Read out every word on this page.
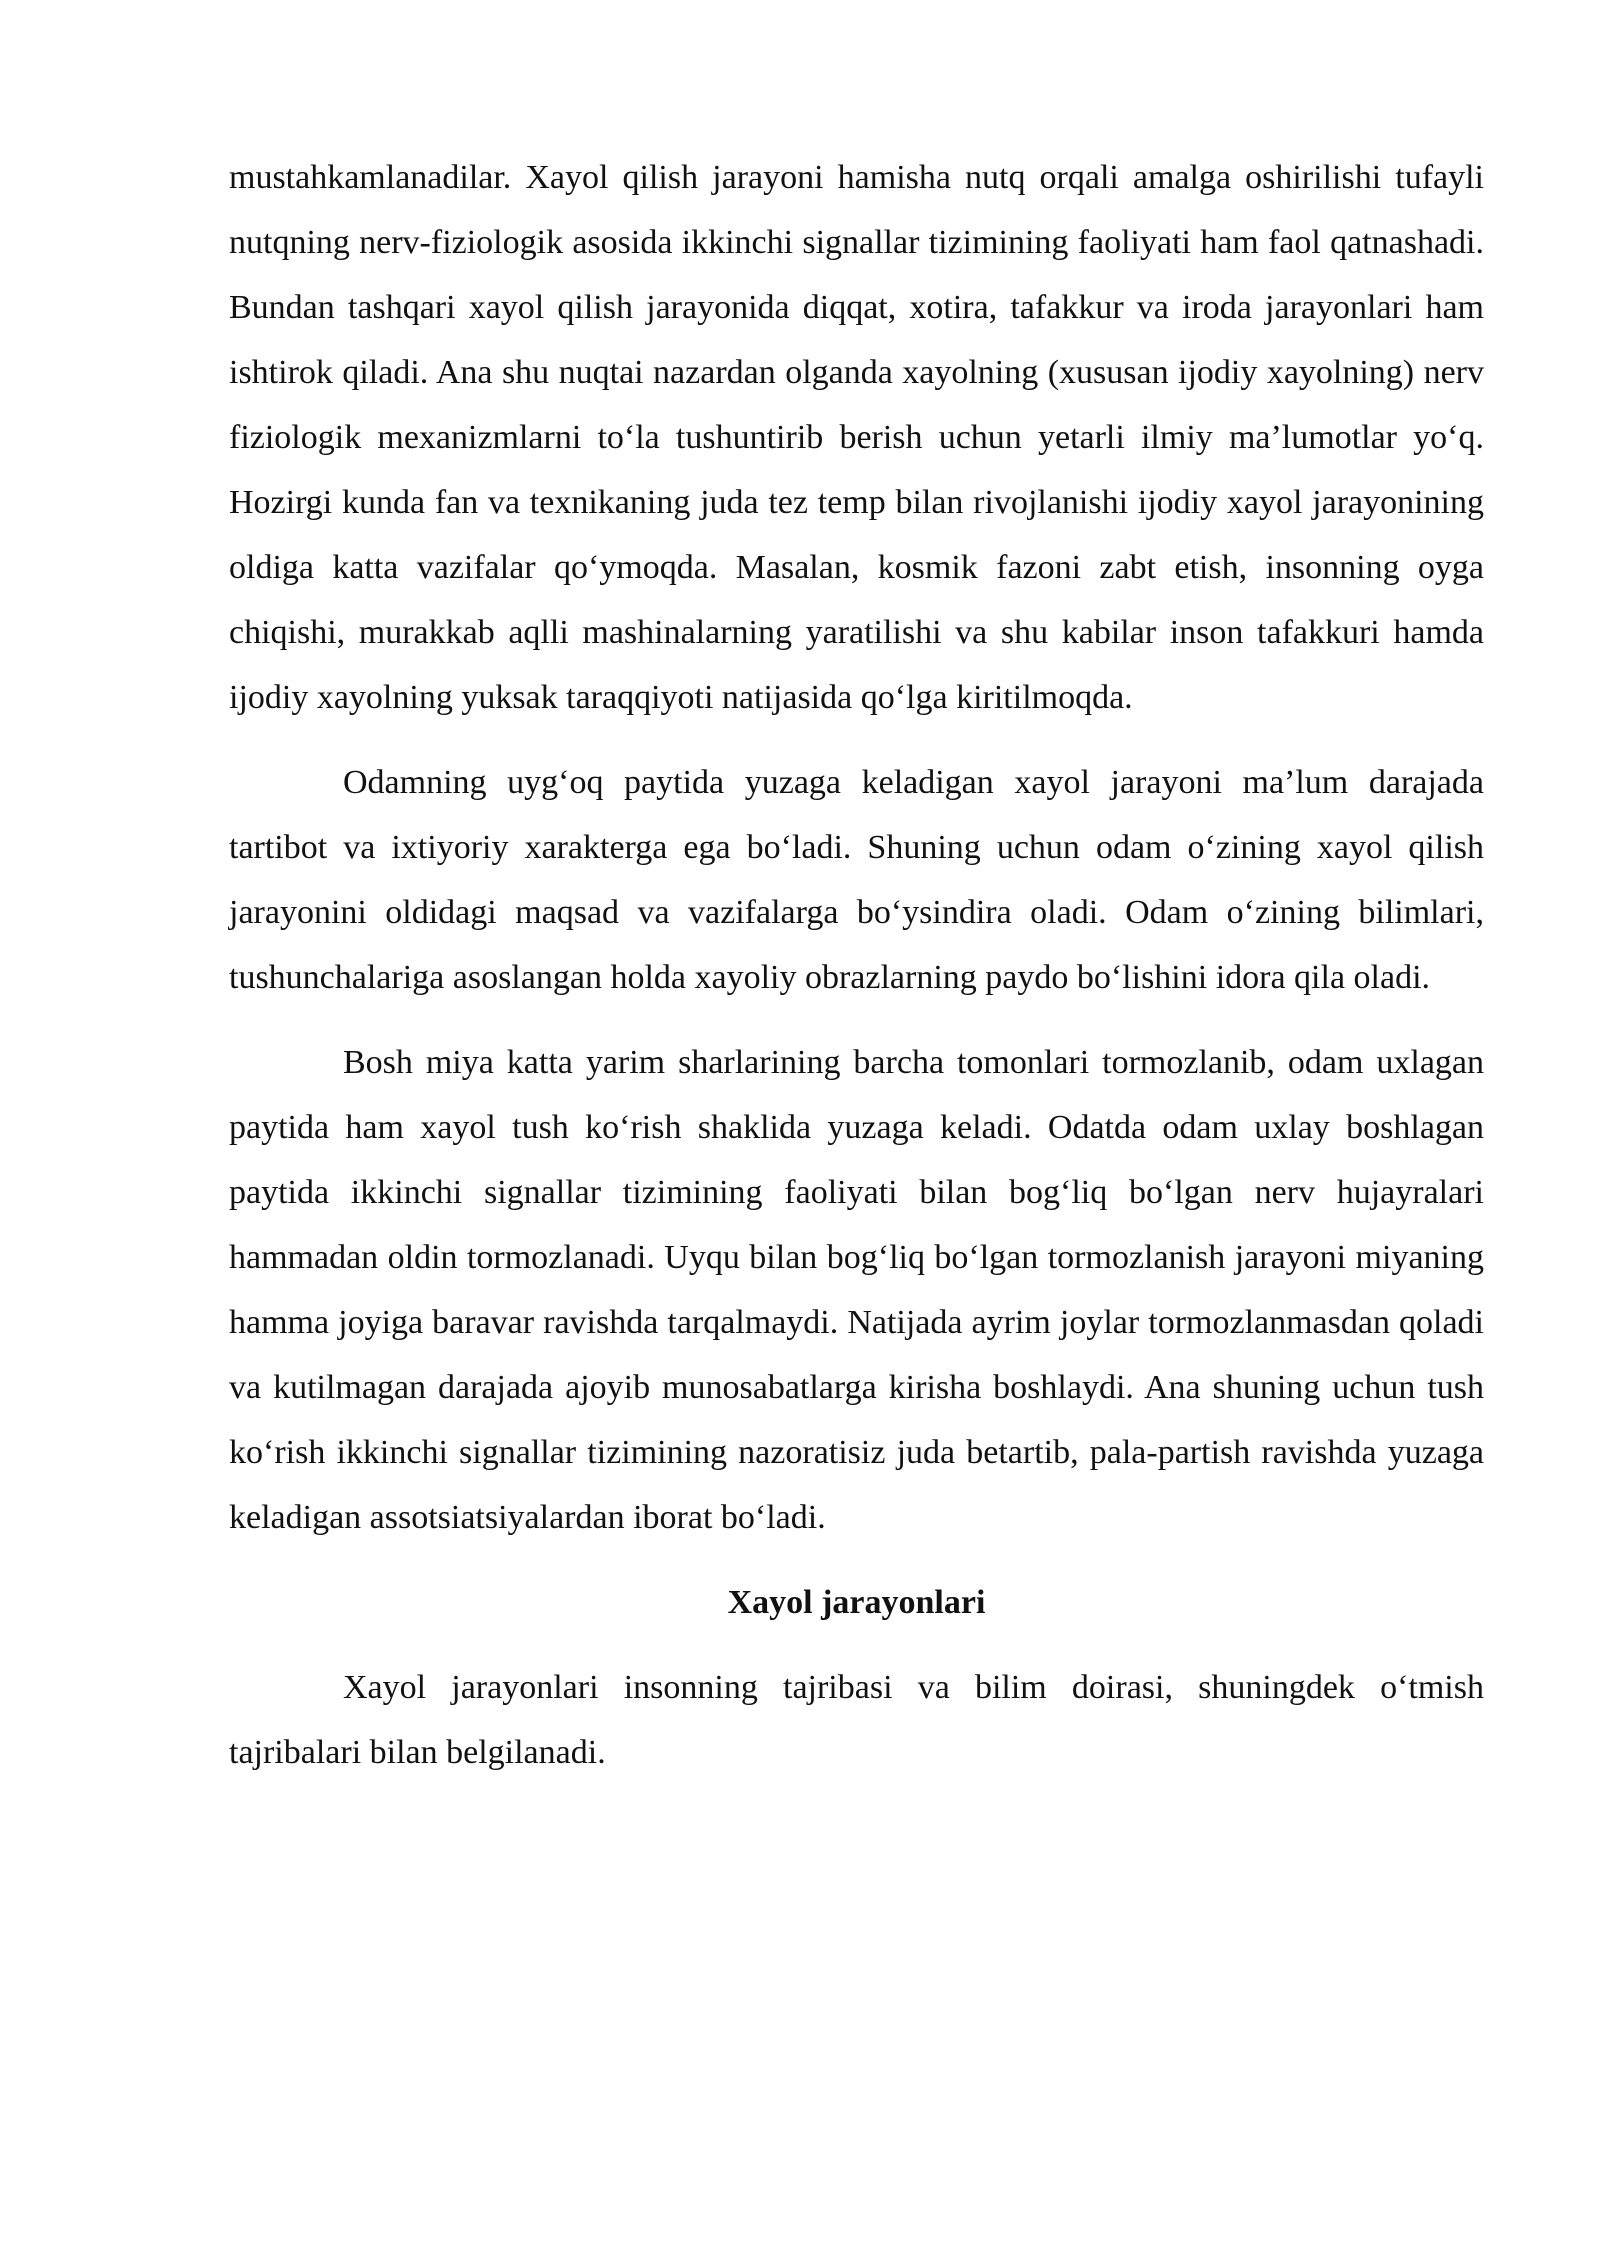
mustahkamlanadilar. Xayol qilish jarayoni hamisha nutq orqali amalga oshirilishi tufayli nutqning nerv-fiziologik asosida ikkinchi signallar tizimining faoliyati ham faol qatnashadi. Bundan tashqari xayol qilish jarayonida diqqat, xotira, tafakkur va iroda jarayonlari ham ishtirok qiladi. Ana shu nuqtai nazardan olganda xayolning (xususan ijodiy xayolning) nerv fiziologik mexanizmlarni to‘la tushuntirib berish uchun yetarli ilmiy ma’lumotlar yo‘q. Hozirgi kunda fan va texnikaning juda tez temp bilan rivojlanishi ijodiy xayol jarayonining oldiga katta vazifalar qo‘ymoqda. Masalan, kosmik fazoni zabt etish, insonning oyga chiqishi, murakkab aqlli mashinalarning yaratilishi va shu kabilar inson tafakkuri hamda ijodiy xayolning yuksak taraqqiyoti natijasida qo‘lga kiritilmoqda.

Odamning uyg‘oq paytida yuzaga keladigan xayol jarayoni ma’lum darajada tartibot va ixtiyoriy xarakterga ega bo‘ladi. Shuning uchun odam o‘zining xayol qilish jarayonini oldidagi maqsad va vazifalarga bo‘ysindira oladi. Odam o‘zining bilimlari, tushunchalariga asoslangan holda xayoliy obrazlarning paydo bo‘lishini idora qila oladi.

Bosh miya katta yarim sharlarining barcha tomonlari tormozlanib, odam uxlagan paytida ham xayol tush ko‘rish shaklida yuzaga keladi. Odatda odam uxlay boshlagan paytida ikkinchi signallar tizimining faoliyati bilan bog‘liq bo‘lgan nerv hujayralari hammadan oldin tormozlanadi. Uyqu bilan bog‘liq bo‘lgan tormozlanish jarayoni miyaning hamma joyiga baravar ravishda tarqalmaydi. Natijada ayrim joylar tormozlanmasdan qoladi va kutilmagan darajada ajoyib munosabatlarga kirisha boshlaydi. Ana shuning uchun tush ko‘rish ikkinchi signallar tizimining nazoratisiz juda betartib, pala-partish ravishda yuzaga keladigan assotsiatsiyalardan iborat bo‘ladi.

Xayol jarayonlari

Xayol jarayonlari insonning tajribasi va bilim doirasi, shuningdek o‘tmish tajribalari bilan belgilanadi.
